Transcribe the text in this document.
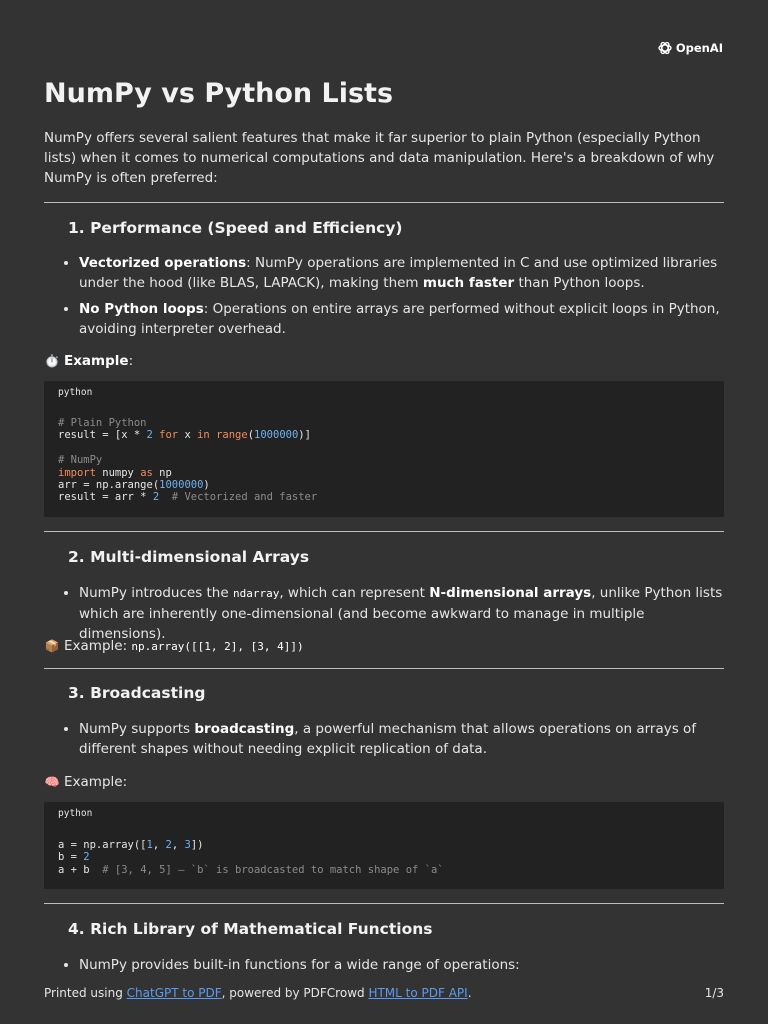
OpenAI
NumPy vs Python Lists

NumPy offers several salient features that make it far superior to plain Python (especially Python lists) when it comes to numerical computations and data manipulation. Here's a breakdown of why NumPy is often preferred:

1. Performance (Speed and Efficiency)
• Vectorized operations: NumPy operations are implemented in C and use optimized libraries under the hood (like BLAS, LAPACK), making them much faster than Python loops.
• No Python loops: Operations on entire arrays are performed without explicit loops in Python, avoiding interpreter overhead.

⏱️ Example:

python
# Plain Python
result = [x * 2 for x in range(1000000)]

# NumPy
import numpy as np
arr = np.arange(1000000)
result = arr * 2  # Vectorized and faster
2. Multi-dimensional Arrays
• NumPy introduces the ndarray, which can represent N-dimensional arrays, unlike Python lists which are inherently one-dimensional (and become awkward to manage in multiple dimensions).

📦 Example: np.array([[1, 2], [3, 4]])

3. Broadcasting
• NumPy supports broadcasting, a powerful mechanism that allows operations on arrays of different shapes without needing explicit replication of data.

🧠 Example:

python
a = np.array([1, 2, 3])
b = 2
a + b  # [3, 4, 5] — `b` is broadcasted to match shape of `a`
4. Rich Library of Mathematical Functions
• NumPy provides built-in functions for a wide range of operations:
Printed using ChatGPT to PDF, powered by PDFCrowd HTML to PDF API.	1/3
